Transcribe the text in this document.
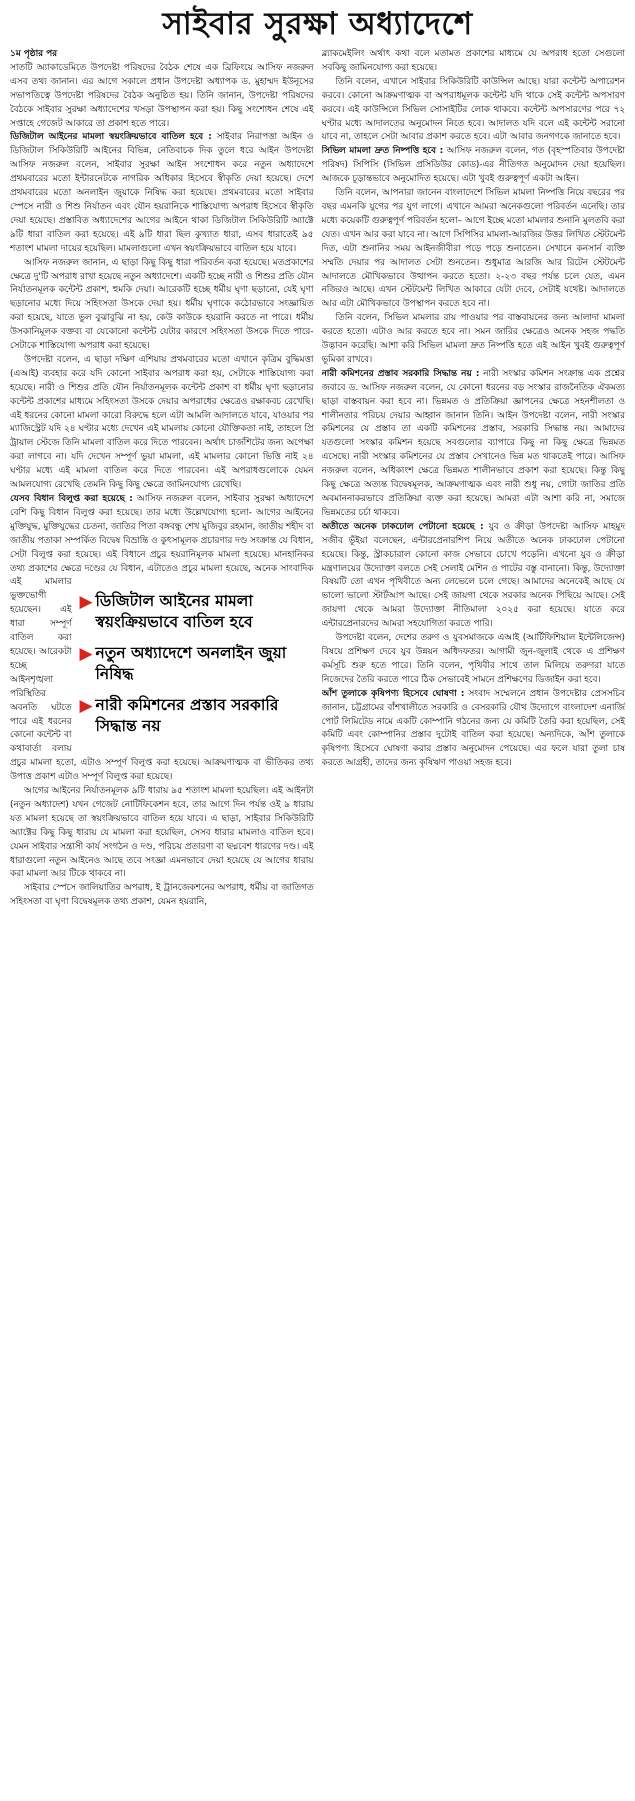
সাইবার সুরক্ষা অধ্যাদেশে

১ম পৃষ্ঠার পর

সাতটি অ্যাকাডেমিতে উপদেষ্টা পরিষদের বৈঠক শেষে এক ব্রিফিংয়ে আসিফ নজরুল এসব তথ্য জানান। এর আগে সকালে প্রধান উপদেষ্টা অধ্যাপক ড. মুহাম্মদ ইউনূসের সভাপতিত্বে উপদেষ্টা পরিষদের বৈঠক অনুষ্ঠিত হয়। তিনি জানান, উপদেষ্টা পরিষদের বৈঠকে সাইবার সুরক্ষা অধ্যাদেশের খসড়া উপস্থাপন করা হয়। কিছু সংশোধন শেষে এই সপ্তাহে গেজেট আকারে তা প্রকাশ হতে পারে।

ডিজিটাল আইনের মামলা স্বয়ংক্রিয়ভাবে বাতিল হবে : সাইবার নিরাপত্তা আইন ও ডিজিটাল সিকিউরিটি আইনের বিভিন্ন, নেতিবাচক দিক তুলে ধরে আইন উপদেষ্টা আসিফ নজরুল বলেন, সাইবার সুরক্ষা আইন সংশোধন করে নতুন অধ্যাদেশে প্রথমবারের মতো ইন্টারনেটকে নাগরিক অধিকার হিসেবে স্বীকৃতি দেয়া হয়েছে। দেশে প্রথমবারের মতো অনলাইন জুয়াকে নিষিদ্ধ করা হয়েছে। প্রথমবারের মতো সাইবার স্পেসে নারী ও শিশু নির্যাতন এবং যৌন হয়রানিকে শাস্তিযোগ্য অপরাধ হিসেবে স্বীকৃতি দেয়া হয়েছে। প্রস্তাবিত অধ্যাদেশের আগের আইনে থাকা ডিজিটাল সিকিউরিটি অ্যাক্টে ৯টি ধারা বাতিল করা হয়েছে। এই ৯টি ধারা ছিল কুখ্যাত ধারা, এসব ধারাতেই ৯৫ শতাংশ মামলা দায়ের হয়েছিল। মামলাগুলো এখন স্বয়ংক্রিয়ভাবে বাতিল হয়ে যাবে।

▶ ডিজিটাল আইনের মামলা স্বয়ংক্রিয়ভাবে বাতিল হবে
▶ নতুন অধ্যাদেশে অনলাইন জুয়া নিষিদ্ধ
▶ নারী কমিশনের প্রস্তাব সরকারি সিদ্ধান্ত নয়

আসিফ নজরুল জানান, এ ছাড়া কিছু কিছু ধারা পরিবর্তন করা হয়েছে। মতপ্রকাশের ক্ষেত্রে দু'টি অপরাধ রাখা হয়েছে নতুন অধ্যাদেশে। একটি হচ্ছে নারী ও শিশুর প্রতি যৌন নির্যাতনমূলক কন্টেন্ট প্রকাশ, হুমকি দেয়া। আরেকটি হচ্ছে ধর্মীয় ঘৃণা ছড়ানো, যেই ঘৃণা ছড়ানোর মধ্যে দিয়ে সহিংসতা উসকে দেয়া হয়। ধর্মীয় ঘৃণাকে কঠোরভাবে সংজ্ঞায়িত করা হয়েছে, যাতে ভুল বুঝাবুঝি না হয়, কেউ কাউকে হয়রানি করতে না পারে। ধর্মীয় উসকানিমূলক বক্তব্য বা যেকোনো কন্টেন্ট যেটার কারণে সহিংসতা উসকে দিতে পারে- সেটাকে শাস্তিযোগ্য অপরাধ করা হয়েছে।

উপদেষ্টা বলেন, এ ছাড়া দক্ষিণ এশিয়ায় প্রথমবারের মতো এখানে কৃত্রিম বুদ্ধিমত্তা (এআই) ব্যবহার করে যদি কোনো সাইবার অপরাধ করা হয়, সেটাকে শাস্তিযোগ্য করা হয়েছে। নারী ও শিশুর প্রতি যৌন নির্যাতনমূলক কন্টেন্ট প্রকাশ বা ধর্মীয় ঘৃণা ছড়ানোর কন্টেন্ট প্রকাশের মাধ্যমে সহিংসতা উসকে দেয়ার অপরাধের ক্ষেত্রেও রক্ষাকবচ রেখেছি। এই ধরনের কোনো মামলা কারো বিরুদ্ধে হলে এটা আমলি আদালতে যাবে, যাওয়ার পর ম্যাজিস্ট্রেট যদি ২৪ ঘণ্টার মধ্যে দেখেন এই মামলায় কোনো যৌক্তিকতা নাই, তাহলে প্রি ট্রায়াল স্টেজে তিনি মামলা বাতিল করে দিতে পারবেন। অর্থাৎ চার্জশিটের জন্য অপেক্ষা করা লাগবে না। যদি দেখেন সম্পূর্ণ ভুয়া মামলা, এই মামলার কোনো ভিত্তি নাই ২৪ ঘণ্টার মধ্যে এই মামলা বাতিল করে দিতে পারবেন। এই অপরাধগুলোকে যেমন আমলযোগ্য রেখেছি তেমনি কিছু কিছু ক্ষেত্রে জামিনযোগ্য রেখেছি।

যেসব বিধান বিলুপ্ত করা হয়েছে : আসিফ নজরুল বলেন, সাইবার সুরক্ষা অধ্যাদেশে বেশি কিছু বিধান বিলুপ্ত করা হয়েছে। তার মধ্যে উল্লেখযোগ্য হলো- আগের আইনের মুক্তিযুদ্ধ, মুক্তিযুদ্ধের চেতনা, জাতির পিতা বঙ্গবন্ধু শেখ মুজিবুর রহমান, জাতীয় শহীদ বা জাতীয় পতাকা সম্পর্কিত বিদ্বেষ বিভ্রান্তি ও কুৎসামূলক প্রচারণার দণ্ড সংক্রান্ত যে বিধান, সেটা বিলুপ্ত করা হয়েছে। এই বিধানে প্রচুর হয়রানিমূলক মামলা হয়েছে। মানহানিকর তথ্য প্রকাশের ক্ষেত্রে দণ্ডের যে বিধান, এটাতেও প্রচুর মামলা হয়েছে, অনেক সাংবাদিক এই মামলার ভুক্তভোগী হয়েছেন। এই ধারা সম্পূর্ণ বাতিল করা হয়েছে। আরেকটা হচ্ছে আইনশৃঙ্খলা পরিস্থিতির অবনতি ঘটতে পারে এই ধরনের কোনো কন্টেন্ট বা কথাবার্তা বলায় প্রচুর মামলা হতো, এটাও সম্পূর্ণ বিলুপ্ত করা হয়েছে। আক্রমণাত্মক বা ভীতিকর তথ্য উপাত্ত প্রকাশ এটাও সম্পূর্ণ বিলুপ্ত করা হয়েছে।

আগের আইনের নির্যাতনমূলক ৯টি ধারায় ৯৫ শতাংশ মামলা হয়েছিল। এই আইনটা (নতুন অধ্যাদেশ) যখন গেজেট নোটিফিকেশন হবে, তার আগে দিন পর্যন্ত ওই ৯ ধারায় যত মামলা হয়েছে তা স্বয়ংক্রিয়ভাবে বাতিল হয়ে যাবে। এ ছাড়া, সাইবার সিকিউরিটি অ্যাক্টের কিছু কিছু ধারায় যে মামলা করা হয়েছিল, সেসব ধারার মামলাও বাতিল হবে। যেমন সাইবার সন্ত্রাসী কার্য সংগঠন ও দণ্ড, পরিচয় প্রতারণা বা ছদ্মবেশ ধারণের দণ্ড। এই ধারাগুলো নতুন আইনেও আছে তবে সংজ্ঞা এমনভাবে দেয়া হয়েছে যে আগের ধারায় করা মামলা আর টিকে থাকবে না।

সাইবার স্পেসে জালিয়াতির অপরাধ, ই ট্রানজেকশনের অপরাধ, ধর্মীয় বা জাতিগত সহিংসতা বা ঘৃণা বিদ্বেষমূলক তথ্য প্রকাশ, যেমন হয়রানি,

ব্ল্যাকমেইলিং অর্থাৎ কথা বলে মতামত প্রকাশের মাধ্যমে যে অপরাধ হতো সেগুলো সবকিছু জামিনযোগ্য করা হয়েছে।

তিনি বলেন, এখানে সাইবার সিকিউরিটি কাউন্সিল আছে। যারা কন্টেন্ট অপারেশন করবে। কোনো আক্রমণাত্মক বা অপরাধমূলক কন্টেন্ট যদি থাকে সেই কন্টেন্ট অপসারণ করবে। এই কাউন্সিলে সিভিল সোসাইটির লোক থাকবে। কন্টেন্ট অপসারণের পরে ৭২ ঘণ্টার মধ্যে আদালতের অনুমোদন নিতে হবে। আদালত যদি বলে এই কন্টেন্ট সরানো যাবে না, তাহলে সেটা আবার প্রকাশ করতে হবে। এটা আবার জনগণকে জানাতে হবে।

সিভিল মামলা দ্রুত নিষ্পত্তি হবে : আসিফ নজরুল বলেন, গত (বৃহস্পতিবার উপদেষ্টা পরিষদ) সিপিসি (সিভিল প্রসিডিউর কোড)-এর নীতিগত অনুমোদন দেয়া হয়েছিল। আজকে চূড়ান্তভাবে অনুমোদিত হয়েছে। এটা খুবই গুরুত্বপূর্ণ একটা আইন।

তিনি বলেন, আপনারা জানেন বাংলাদেশে সিভিল মামলা নিষ্পত্তি নিয়ে বছরের পর বছর এমনকি যুগের পর যুগ লাগে। এখানে আমরা অনেকগুলো পরিবর্তন এনেছি। তার মধ্যে কয়েকটি গুরুত্বপূর্ণ পরিবর্তন হলো– আগে ইচ্ছে মতো মামলার শুনানি মুলতবি করা যেত। এখন আর করা যাবে না। আগে সিপিসির মামলা-আরজির উত্তর লিখিত স্টেটমেন্ট দিত, এটা শুনানির সময় আইনজীবীরা পড়ে পড়ে শুনাতেন। সেখানে কনসার্ন ব্যক্তি সম্মতি দেয়ার পর আদালত সেটা শুনতেন। শুধুমাত্র আরজি আর রিটেন স্টেটমেন্ট আদালতে মৌখিকভাবে উত্থাপন করতে হতো। ২-২৩ বছর পর্যন্ত চলে যেত, এমন নজিরও আছে। এখন স্টেটমেন্ট লিখিত আকারে যেটা দেবে, সেটাই যথেষ্ট। আদালতে আর এটা মৌখিকভাবে উপস্থাপন করতে হবে না।

তিনি বলেন, সিভিল মামলার রায় পাওয়ার পর বাস্তবায়নের জন্য আলাদা মামলা করতে হতো। এটাও আর করতে হবে না। সমন জারির ক্ষেত্রেও অনেক সহজ পদ্ধতি উদ্ভাবন করেছি। আশা করি সিভিল মামলা দ্রুত নিষ্পত্তি হতে এই আইন খুবই গুরুত্বপূর্ণ ভূমিকা রাখবে।

নারী কমিশনের প্রস্তাব সরকারি সিদ্ধান্ত নয় : নারী সংস্কার কমিশন সংক্রান্ত এক প্রশ্নের জবাবে ড. আসিফ নজরুল বলেন, যে কোনো ধরনের বড় সংস্কার রাজনৈতিক ঐকমত্য ছাড়া বাস্তবায়ন করা হবে না। ভিন্নমত ও প্রতিক্রিয়া জ্ঞাপনের ক্ষেত্রে সহনশীলতা ও শালীনতার পরিচয় দেয়ার আহ্বান জানান তিনি। আইন উপদেষ্টা বলেন, নারী সংস্কার কমিশনের যে প্রস্তাব তা একটি কমিশনের প্রস্তাব, সরকারি সিদ্ধান্ত নয়। আমাদের যতগুলো সংস্কার কমিশন হয়েছে সবগুলোর ব্যাপারে কিছু না কিছু ক্ষেত্রে ভিন্নমত এসেছে। নারী সংস্কার কমিশনের যে প্রস্তাব সেখানেও ভিন্ন মত থাকতেই পারে। আসিফ নজরুল বলেন, অধিকাংশ ক্ষেত্রে ভিন্নমত শালীনভাবে প্রকাশ করা হয়েছে। কিন্তু কিছু কিছু ক্ষেত্রে অত্যন্ত বিদ্বেষমূলক, আক্রমণাত্মক এবং নারী শুধু নয়, গোটা জাতির প্রতি অবমাননাকরভাবে প্রতিক্রিয়া ব্যক্ত করা হয়েছে। আমরা এটা আশা করি না, সমাজে ভিন্নমতের চর্চা থাকবে।

অতীতে অনেক ঢাকঢোল পেটানো হয়েছে : যুব ও ক্রীড়া উপদেষ্টা আসিফ মাহমুদ সজীব ভূঁইয়া বলেছেন, এন্টারপ্রেনারশিপ নিয়ে অতীতে অনেক ঢাকঢোল পেটানো হয়েছে। কিন্তু, স্ট্রাকচারাল কোনো কাজ সেভাবে চোখে পড়েনি। এখনো যুব ও ক্রীড়া মন্ত্রণালয়ের উদ্যোক্তা বলতে সেই সেলাই মেশিন ও পাটের বস্তু বানানো। কিন্তু, উদ্যোক্তা বিষয়টি তো এখন পৃথিবীতে অন্য লেভেলে চলে গেছে। আমাদের অনেকেই আছে যে ভালো ভালো স্টার্টআপ আছে। সেই জায়গা থেকে সরকার অনেক পিছিয়ে আছে। সেই জায়গা থেকে আমরা উদ্যোক্তা নীতিমালা ২০২৫ করা হয়েছে। যাতে করে এন্টারপ্রেনারদের আমরা সহযোগিতা করতে পারি।

উপদেষ্টা বলেন, দেশের তরুণ ও যুবসমাজকে এআই (আর্টিফিশিয়াল ইন্টেলিজেন্স) বিষয়ে প্রশিক্ষণ দেবে যুব উন্নয়ন অধিদফতর। আগামী জুন-জুলাই থেকে এ প্রশিক্ষণ কর্মসূচি শুরু হতে পারে। তিনি বলেন, পৃথিবীর সাথে তাল মিলিয়ে তরুণরা যাতে নিজেদের তৈরি করতে পারে ঠিক সেভাবেই সামনে প্রশিক্ষণের ডিজাইন করা হবে।

আঁশ তুলাকে কৃষিপণ্য হিসেবে ঘোষণা : সংবাদ সম্মেলনে প্রধান উপদেষ্টার প্রেসসচিব জানান, চট্টগ্রামের বাঁশখালীতে সরকারি ও বেসরকারি যৌথ উদ্যোগে বাংলাদেশ এনার্জি পোর্ট লিমিটেড নামে একটি কোম্পানি গঠনের জন্য যে কমিটি তৈরি করা হয়েছিল, সেই কমিটি এবং কোম্পানির প্রস্তাব দুটোই বাতিল করা হয়েছে। অন্যদিকে, আঁশ তুলাকে কৃষিপণ্য হিসেবে ঘোষণা করার প্রস্তাব অনুমোদন পেয়েছে। এর ফলে যারা তুলা চাষ করতে আগ্রহী, তাদের জন্য কৃষিঋণ পাওয়া সহজ হবে।
